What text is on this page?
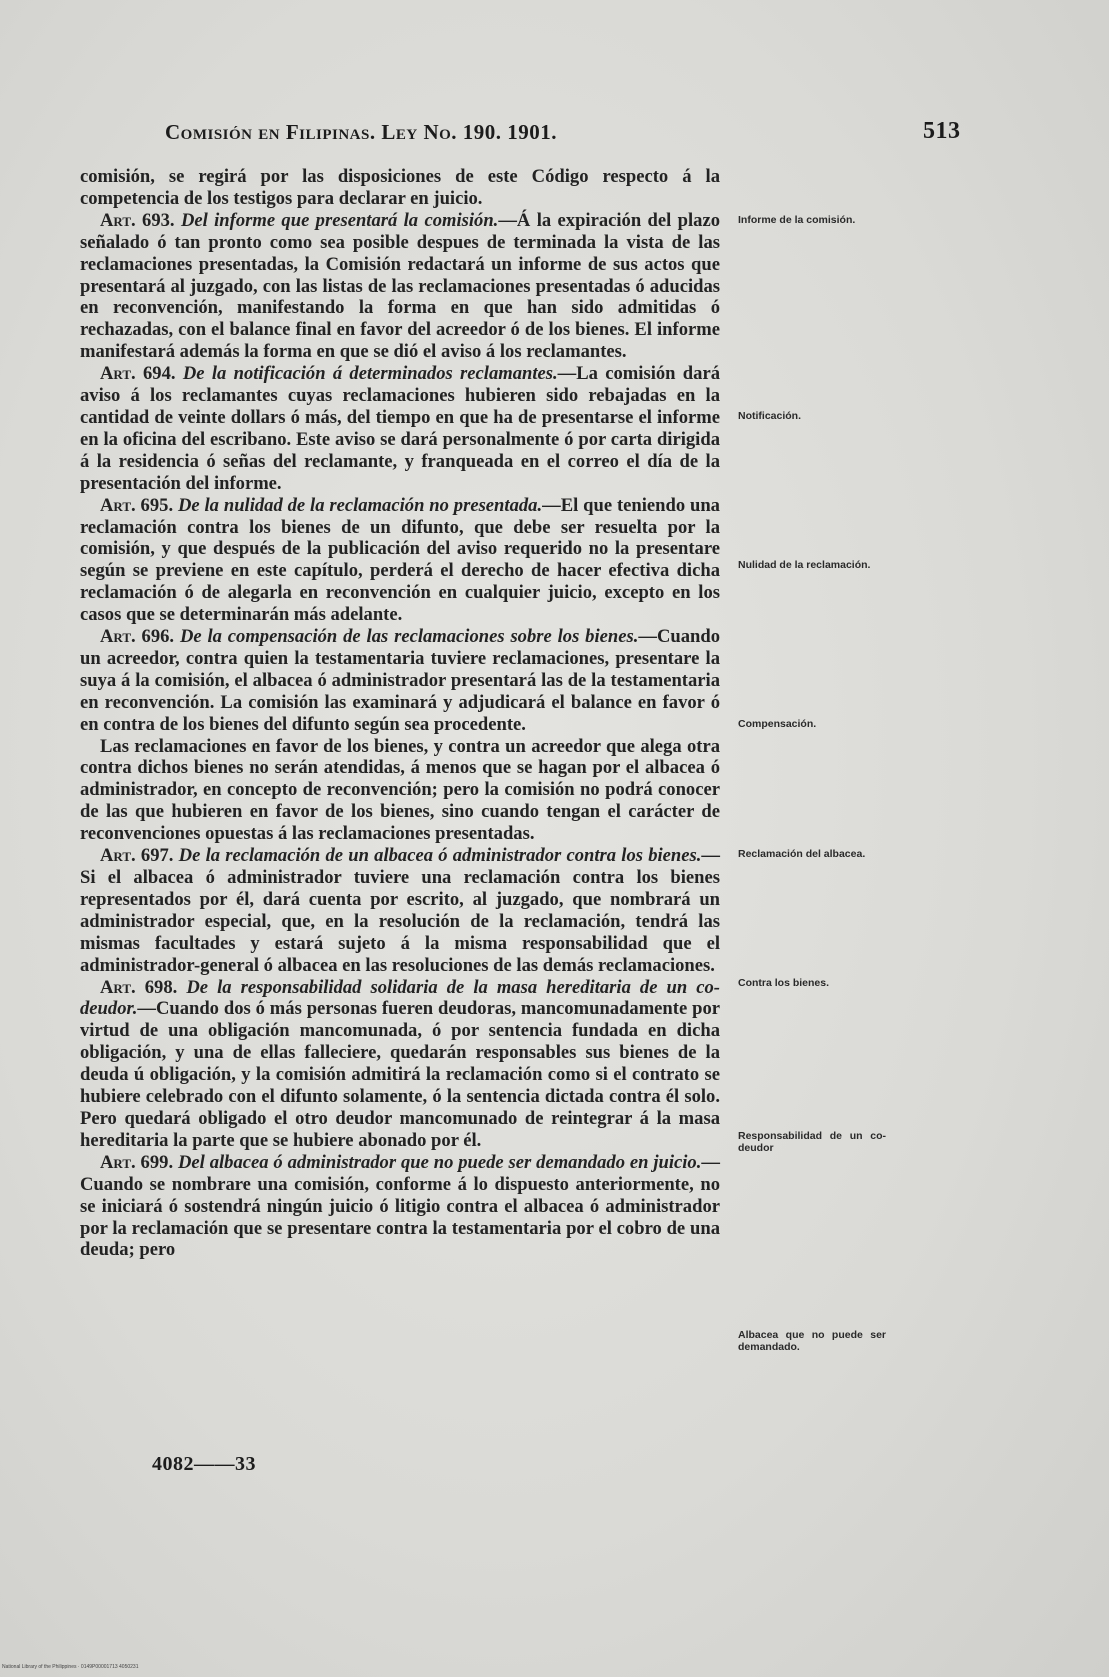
Comisión en Filipinas. Ley No. 190. 1901.	513

comisión, se regirá por las disposiciones de este Código respecto á la competencia de los testigos para declarar en juicio.

Art. 693. Del informe que presentará la comisión.—Á la expiración del plazo señalado ó tan pronto como sea posible despues de terminada la vista de las reclamaciones presentadas, la Comisión redactará un informe de sus actos que presentará al juzgado, con las listas de las reclamaciones presentadas ó aducidas en reconvención, manifestando la forma en que han sido admitidas ó rechazadas, con el balance final en favor del acreedor ó de los bienes. El informe manifestará además la forma en que se dió el aviso á los reclamantes.

Art. 694. De la notificación á determinados reclamantes.—La comisión dará aviso á los reclamantes cuyas reclamaciones hubieren sido rebajadas en la cantidad de veinte dollars ó más, del tiempo en que ha de presentarse el informe en la oficina del escribano. Este aviso se dará personalmente ó por carta dirigida á la residencia ó señas del reclamante, y franqueada en el correo el día de la presentación del informe.

Art. 695. De la nulidad de la reclamación no presentada.—El que teniendo una reclamación contra los bienes de un difunto, que debe ser resuelta por la comisión, y que después de la publicación del aviso requerido no la presentare según se previene en este capítulo, perderá el derecho de hacer efectiva dicha reclamación ó de alegarla en reconvención en cualquier juicio, excepto en los casos que se determinarán más adelante.

Art. 696. De la compensación de las reclamaciones sobre los bienes.—Cuando un acreedor, contra quien la testamentaria tuviere reclamaciones, presentare la suya á la comisión, el albacea ó administrador presentará las de la testamentaria en reconvención. La comisión las examinará y adjudicará el balance en favor ó en contra de los bienes del difunto según sea procedente.

Las reclamaciones en favor de los bienes, y contra un acreedor que alega otra contra dichos bienes no serán atendidas, á menos que se hagan por el albacea ó administrador, en concepto de reconvención; pero la comisión no podrá conocer de las que hubieren en favor de los bienes, sino cuando tengan el carácter de reconvenciones opuestas á las reclamaciones presentadas.

Art. 697. De la reclamación de un albacea ó administrador contra los bienes.—Si el albacea ó administrador tuviere una reclamación contra los bienes representados por él, dará cuenta por escrito, al juzgado, que nombrará un administrador especial, que, en la resolución de la reclamación, tendrá las mismas facultades y estará sujeto á la misma responsabilidad que el administrador-general ó albacea en las resoluciones de las demás reclamaciones.

Art. 698. De la responsabilidad solidaria de la masa hereditaria de un co-deudor.—Cuando dos ó más personas fueren deudoras, mancomunadamente por virtud de una obligación mancomunada, ó por sentencia fundada en dicha obligación, y una de ellas falleciere, quedarán responsables sus bienes de la deuda ú obligación, y la comisión admitirá la reclamación como si el contrato se hubiere celebrado con el difunto solamente, ó la sentencia dictada contra él solo. Pero quedará obligado el otro deudor mancomunado de reintegrar á la masa hereditaria la parte que se hubiere abonado por él.

Art. 699. Del albacea ó administrador que no puede ser demandado en juicio.—Cuando se nombrare una comisión, conforme á lo dispuesto anteriormente, no se iniciará ó sostendrá ningún juicio ó litigio contra el albacea ó administrador por la reclamación que se presentare contra la testamentaria por el cobro de una deuda; pero

Informe de la comisión.
Notificación.
Nulidad de la reclamación.
Compensación.
Reclamación del albacea.
Contra los bienes.
Responsabilidad de un co-deudor
Albacea que no puede ser demandado.
4082——33
National Library of the Philippines · 0149P00001713 4050231
